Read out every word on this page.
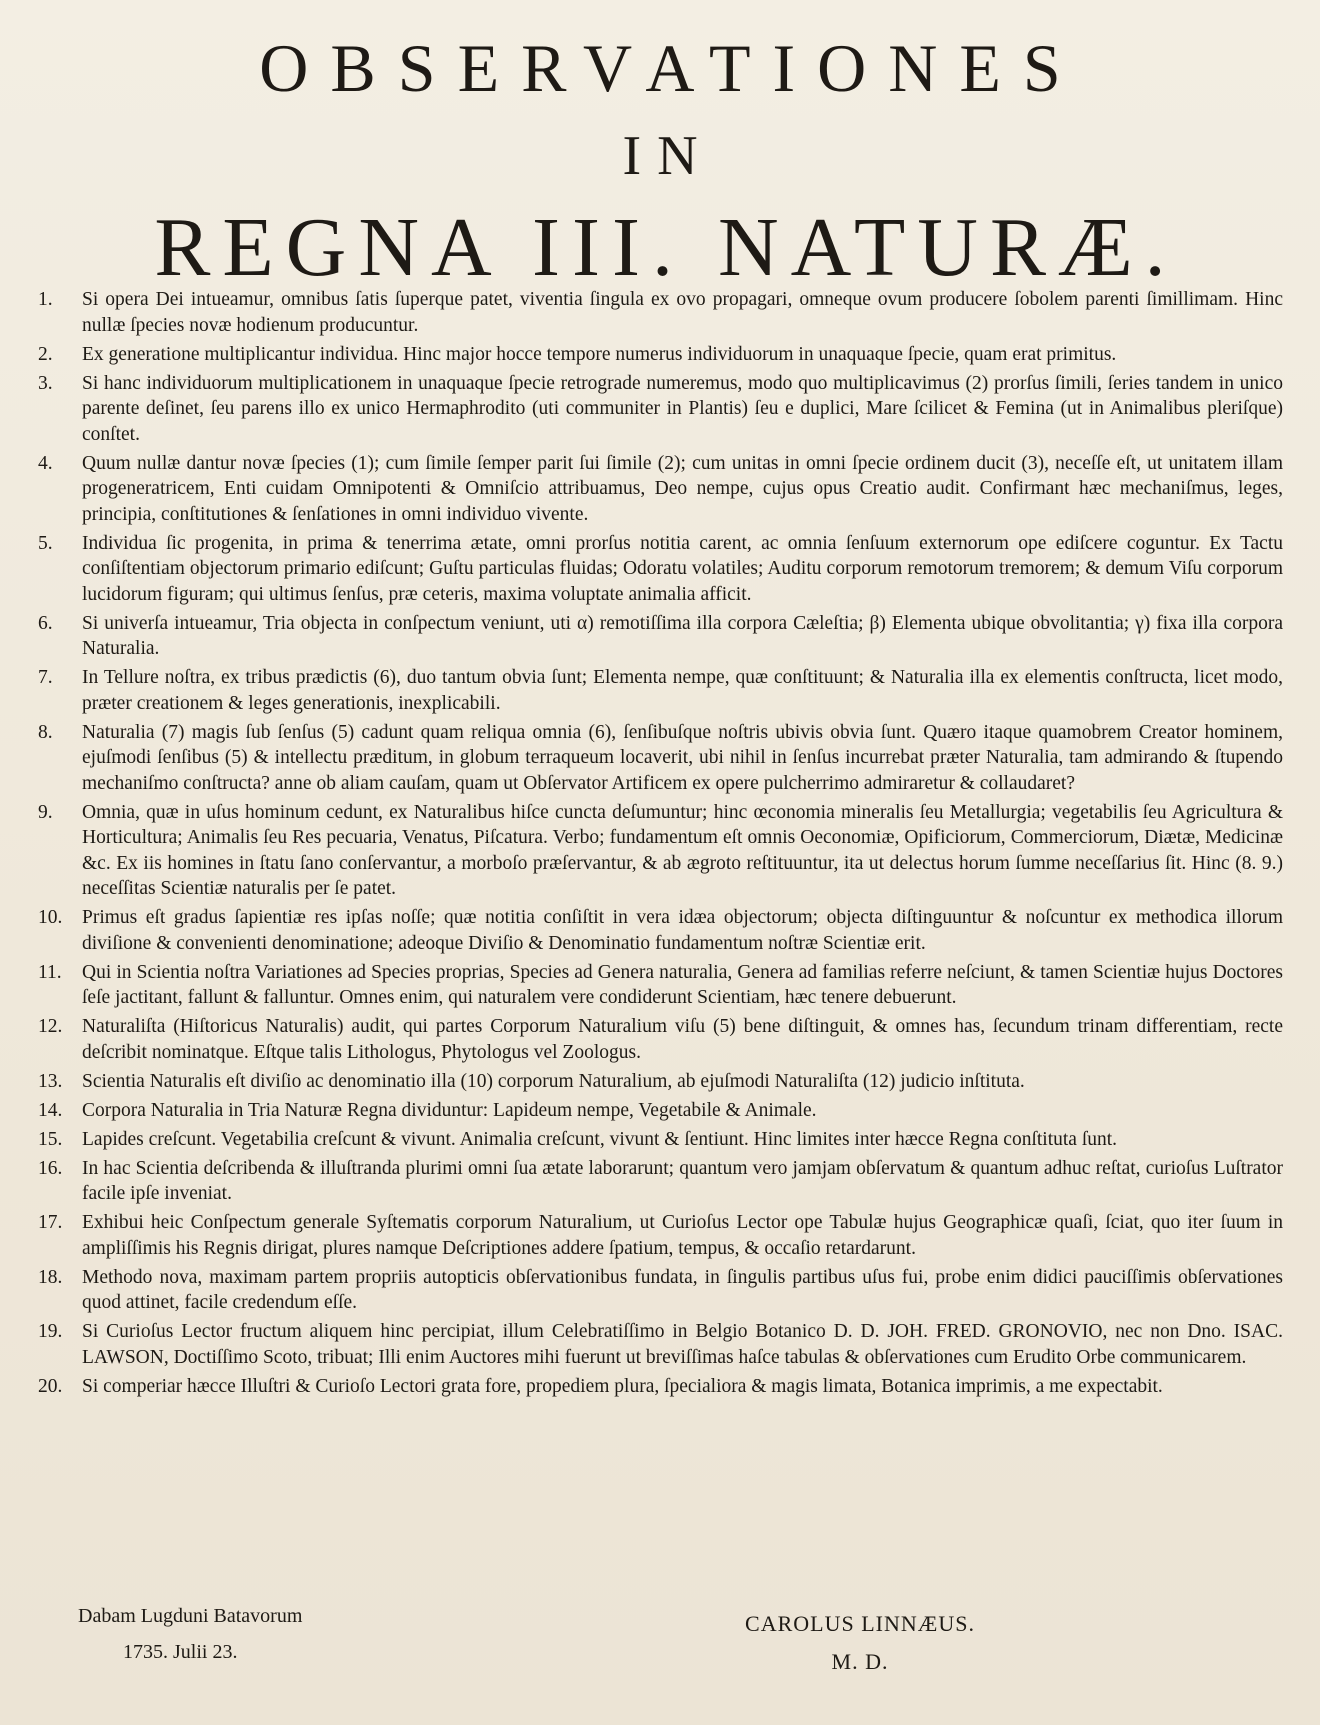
OBSERVATIONES
IN
REGNA III. NATURÆ.
1.	Si opera Dei intueamur, omnibus ſatis ſuperque patet, viventia ſingula ex ovo propagari, omneque ovum producere ſobolem parenti ſimillimam. Hinc nullæ ſpecies novæ hodienum producuntur.
2.	Ex generatione multiplicantur individua. Hinc major hocce tempore numerus individuorum in unaquaque ſpecie, quam erat primitus.
3.	Si hanc individuorum multiplicationem in unaquaque ſpecie retrograde numeremus, modo quo multiplicavimus (2) prorſus ſimili, ſeries tandem in unico parente deſinet, ſeu parens illo ex unico Hermaphrodito (uti communiter in Plantis) ſeu e duplici, Mare ſcilicet & Femina (ut in Animalibus pleriſque) conſtet.
4.	Quum nullæ dantur novæ ſpecies (1); cum ſimile ſemper parit ſui ſimile (2); cum unitas in omni ſpecie ordinem ducit (3), neceſſe eſt, ut unitatem illam progeneratricem, Enti cuidam Omnipotenti & Omniſcio attribuamus, Deo nempe, cujus opus Creatio audit. Confirmant hæc mechaniſmus, leges, principia, conſtitutiones & ſenſationes in omni individuo vivente.
5.	Individua ſic progenita, in prima & tenerrima ætate, omni prorſus notitia carent, ac omnia ſenſuum externorum ope ediſcere coguntur. Ex Tactu conſiſtentiam objectorum primario ediſcunt; Guſtu particulas fluidas; Odoratu volatiles; Auditu corporum remotorum tremorem; & demum Viſu corporum lucidorum figuram; qui ultimus ſenſus, præ ceteris, maxima voluptate animalia afficit.
6.	Si univerſa intueamur, Tria objecta in conſpectum veniunt, uti α) remotiſſima illa corpora Cæleſtia; β) Elementa ubique obvolitantia; γ) fixa illa corpora Naturalia.
7.	In Tellure noſtra, ex tribus prædictis (6), duo tantum obvia ſunt; Elementa nempe, quæ conſtituunt; & Naturalia illa ex elementis conſtructa, licet modo, præter creationem & leges generationis, inexplicabili.
8.	Naturalia (7) magis ſub ſenſus (5) cadunt quam reliqua omnia (6), ſenſibuſque noſtris ubivis obvia ſunt. Quæro itaque quamobrem Creator hominem, ejuſmodi ſenſibus (5) & intellectu præditum, in globum terraqueum locaverit, ubi nihil in ſenſus incurrebat præter Naturalia, tam admirando & ſtupendo mechaniſmo conſtructa? anne ob aliam cauſam, quam ut Obſervator Artificem ex opere pulcherrimo admiraretur & collaudaret?
9.	Omnia, quæ in uſus hominum cedunt, ex Naturalibus hiſce cuncta deſumuntur; hinc œconomia mineralis ſeu Metallurgia; vegetabilis ſeu Agricultura & Horticultura; Animalis ſeu Res pecuaria, Venatus, Piſcatura. Verbo; fundamentum eſt omnis Oeconomiæ, Opificiorum, Commerciorum, Diætæ, Medicinæ &c. Ex iis homines in ſtatu ſano conſervantur, a morboſo præſervantur, & ab ægroto reſtituuntur, ita ut delectus horum ſumme neceſſarius ſit. Hinc (8. 9.) neceſſitas Scientiæ naturalis per ſe patet.
10.	Primus eſt gradus ſapientiæ res ipſas noſſe; quæ notitia conſiſtit in vera idæa objectorum; objecta diſtinguuntur & noſcuntur ex methodica illorum diviſione & convenienti denominatione; adeoque Diviſio & Denominatio fundamentum noſtræ Scientiæ erit.
11.	Qui in Scientia noſtra Variationes ad Species proprias, Species ad Genera naturalia, Genera ad familias referre neſciunt, & tamen Scientiæ hujus Doctores ſeſe jactitant, fallunt & falluntur. Omnes enim, qui naturalem vere condiderunt Scientiam, hæc tenere debuerunt.
12.	Naturaliſta (Hiſtoricus Naturalis) audit, qui partes Corporum Naturalium viſu (5) bene diſtinguit, & omnes has, ſecundum trinam differentiam, recte deſcribit nominatque. Eſtque talis Lithologus, Phytologus vel Zoologus.
13.	Scientia Naturalis eſt diviſio ac denominatio illa (10) corporum Naturalium, ab ejuſmodi Naturaliſta (12) judicio inſtituta.
14.	Corpora Naturalia in Tria Naturæ Regna dividuntur: Lapideum nempe, Vegetabile & Animale.
15.	Lapides creſcunt. Vegetabilia creſcunt & vivunt. Animalia creſcunt, vivunt & ſentiunt. Hinc limites inter hæcce Regna conſtituta ſunt.
16.	In hac Scientia deſcribenda & illuſtranda plurimi omni ſua ætate laborarunt; quantum vero jamjam obſervatum & quantum adhuc reſtat, curioſus Luſtrator facile ipſe inveniat.
17.	Exhibui heic Conſpectum generale Syſtematis corporum Naturalium, ut Curioſus Lector ope Tabulæ hujus Geographicæ quaſi, ſciat, quo iter ſuum in ampliſſimis his Regnis dirigat, plures namque Deſcriptiones addere ſpatium, tempus, & occaſio retardarunt.
18.	Methodo nova, maximam partem propriis autopticis obſervationibus fundata, in ſingulis partibus uſus fui, probe enim didici pauciſſimis obſervationes quod attinet, facile credendum eſſe.
19.	Si Curioſus Lector fructum aliquem hinc percipiat, illum Celebratiſſimo in Belgio Botanico D. D. JOH. FRED. GRONOVIO, nec non Dno. ISAC. LAWSON, Doctiſſimo Scoto, tribuat; Illi enim Auctores mihi fuerunt ut breviſſimas haſce tabulas & obſervationes cum Erudito Orbe communicarem.
20.	Si comperiar hæcce Illuſtri & Curioſo Lectori grata fore, propediem plura, ſpecialiora & magis limata, Botanica imprimis, a me expectabit.
Dabam Lugduni Batavorum
1735. Julii 23.
CAROLUS LINNÆUS.
M. D.
